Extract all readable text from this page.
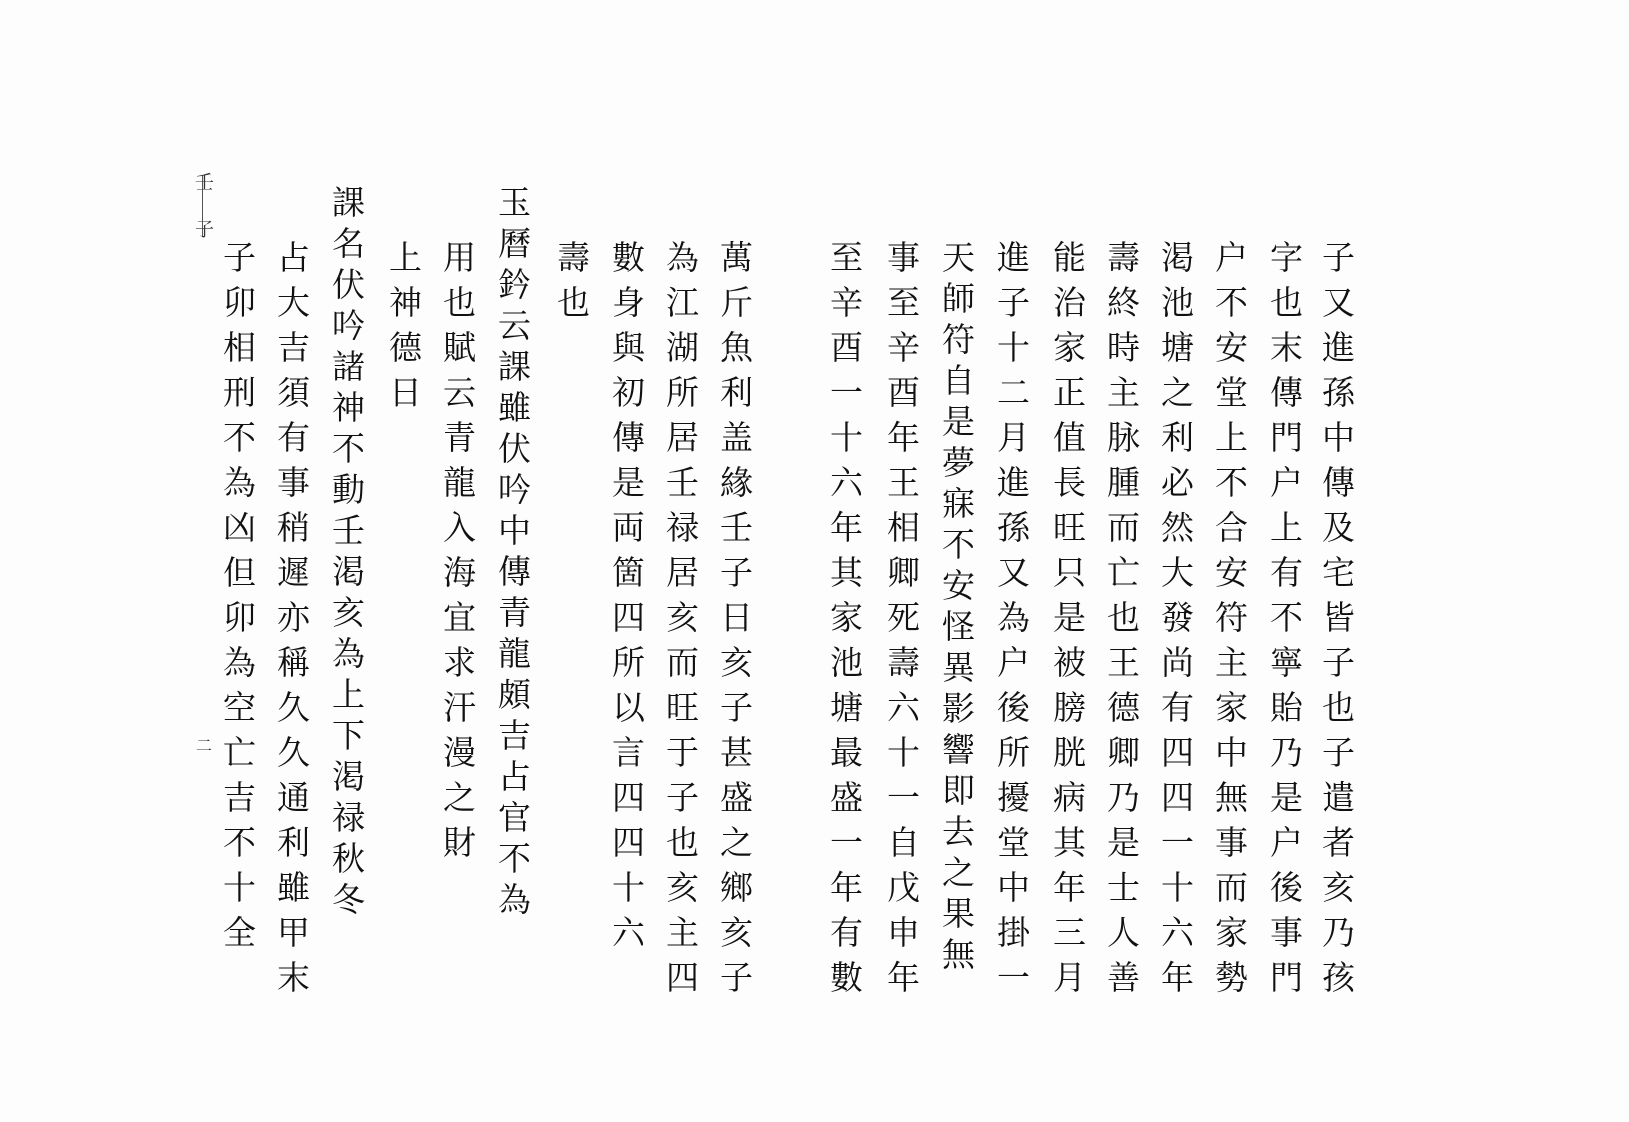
壬子
二	子又進孫中傳及宅皆子也子遣者亥乃孩
字也末傳門户上有不寧貽乃是户後事門
户不安堂上不合安符主家中無事而家勢
渇池塘之利必然大發尚有四四一十六年
壽終時主脉腫而亡也王德卿乃是士人善
能治家正值長旺只是被膀胱病其年三月
進子十二月進孫又為户後所擾堂中掛一
天師符自是夢寐不安怪異影響即去之果無
事至辛酉年王相卿死壽六十一自戊申年
至辛酉一十六年其家池塘最盛一年有數
萬斤魚利盖緣壬子日亥子甚盛之鄉亥子
為江湖所居壬禄居亥而旺于子也亥主四
數身與初傳是両箇四所以言四四十六
壽也
玉曆鈐云課雖伏吟中傳青龍頗吉占官不為
用也賦云青龍入海宜求汗漫之財
上神德日
課名伏吟諸神不動壬渇亥為上下渇禄秋冬
占大吉須有事稍遲亦稱久久通利雖甲末
子卯相刑不為凶但卯為空亡吉不十全
